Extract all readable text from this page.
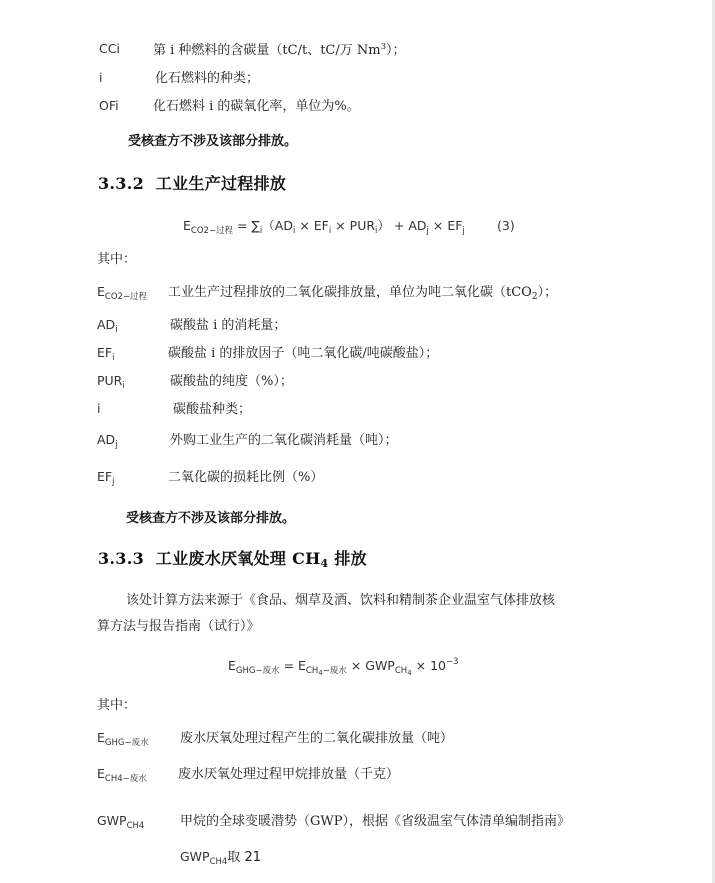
CCi	第 i 种燃料的含碳量（tC/t、tC/万 Nm$^3$）；
i	化石燃料的种类；
OFi	化石燃料 i 的碳氧化率，单位为%。
受核查方不涉及该部分排放。
3.3.2 工业生产过程排放
$E_{CO2-过程} = \sum_i(AD_i \times EF_i \times PUR_i) + AD_j \times EF_j$	(3)
其中：
$E_{CO2-过程}$ 工业生产过程排放的二氧化碳排放量，单位为吨二氧化碳（tCO$_2$）；
$AD_i$	碳酸盐 i 的消耗量；
$EF_i$	碳酸盐 i 的排放因子（吨二氧化碳/吨碳酸盐）；
$PUR_i$	碳酸盐的纯度（%）；
i	碳酸盐种类；
$AD_j$	外购工业生产的二氧化碳消耗量（吨）；
$EF_j$	二氧化碳的损耗比例（%）
受核查方不涉及该部分排放。
3.3.3 工业废水厌氧处理 $CH_4$ 排放
该处计算方法来源于《食品、烟草及酒、饮料和精制茶企业温室气体排放核
算方法与报告指南（试行）》
$E_{GHG-废水} = E_{CH_4-废水} \times GWP_{CH_4} \times 10^{-3}$
其中：
$E_{GHG-废水}$ 废水厌氧处理过程产生的二氧化碳排放量（吨）
$E_{CH4-废水}$ 废水厌氧处理过程甲烷排放量（千克）
$GWP_{CH4}$	甲烷的全球变暖潜势（GWP），根据《省级温室气体清单编制指南》
$GWP_{CH4}$取 21
